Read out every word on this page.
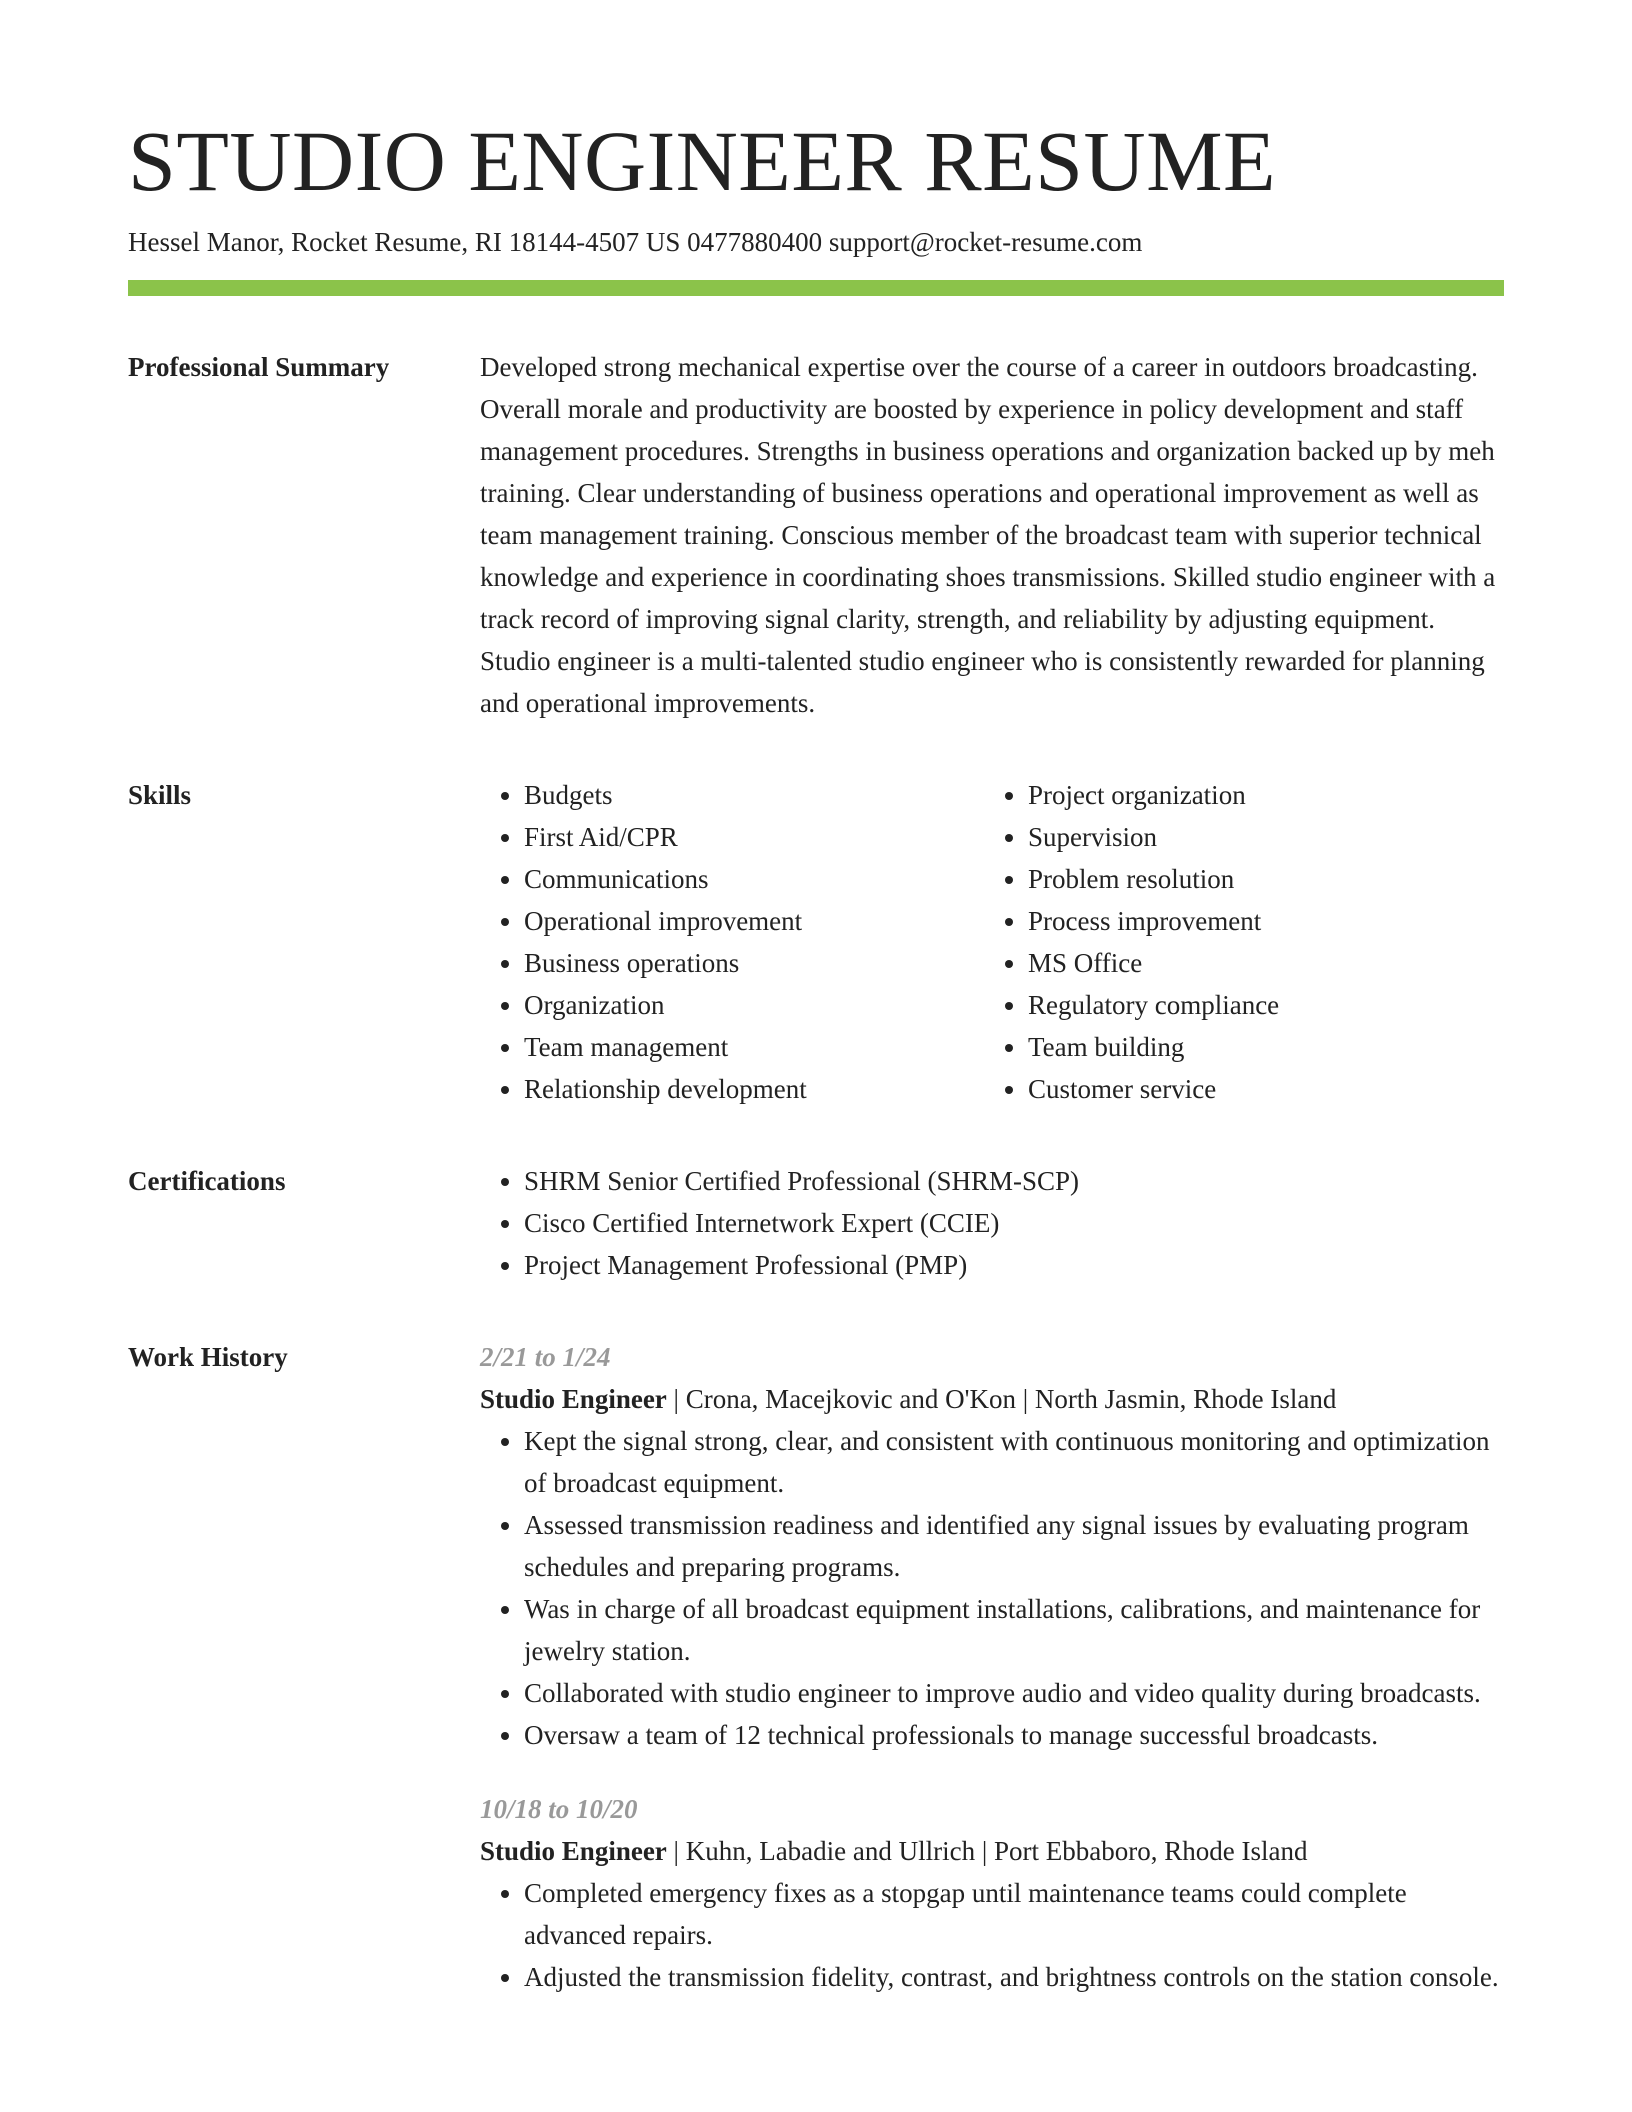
STUDIO ENGINEER RESUME
Hessel Manor, Rocket Resume, RI 18144-4507 US 0477880400 support@rocket-resume.com
Professional Summary	Developed strong mechanical expertise over the course of a career in outdoors broadcasting. Overall morale and productivity are boosted by experience in policy development and staff management procedures. Strengths in business operations and organization backed up by meh training. Clear understanding of business operations and operational improvement as well as team management training. Conscious member of the broadcast team with superior technical knowledge and experience in coordinating shoes transmissions. Skilled studio engineer with a track record of improving signal clarity, strength, and reliability by adjusting equipment. Studio engineer is a multi-talented studio engineer who is consistently rewarded for planning and operational improvements.

Skills	• Budgets
• First Aid/CPR
• Communications
• Operational improvement
• Business operations
• Organization
• Team management
• Relationship development
• Project organization
• Supervision
• Problem resolution
• Process improvement
• MS Office
• Regulatory compliance
• Team building
• Customer service
Certifications	• SHRM Senior Certified Professional (SHRM-SCP)
• Cisco Certified Internetwork Expert (CCIE)
• Project Management Professional (PMP)
Work History	2/21 to 1/24
Studio Engineer | Crona, Macejkovic and O'Kon | North Jasmin, Rhode Island
• Kept the signal strong, clear, and consistent with continuous monitoring and optimization of broadcast equipment.
• Assessed transmission readiness and identified any signal issues by evaluating program schedules and preparing programs.
• Was in charge of all broadcast equipment installations, calibrations, and maintenance for jewelry station.
• Collaborated with studio engineer to improve audio and video quality during broadcasts.
• Oversaw a team of 12 technical professionals to manage successful broadcasts.
10/18 to 10/20
Studio Engineer | Kuhn, Labadie and Ullrich | Port Ebbaboro, Rhode Island
• Completed emergency fixes as a stopgap until maintenance teams could complete advanced repairs.
• Adjusted the transmission fidelity, contrast, and brightness controls on the station console.
